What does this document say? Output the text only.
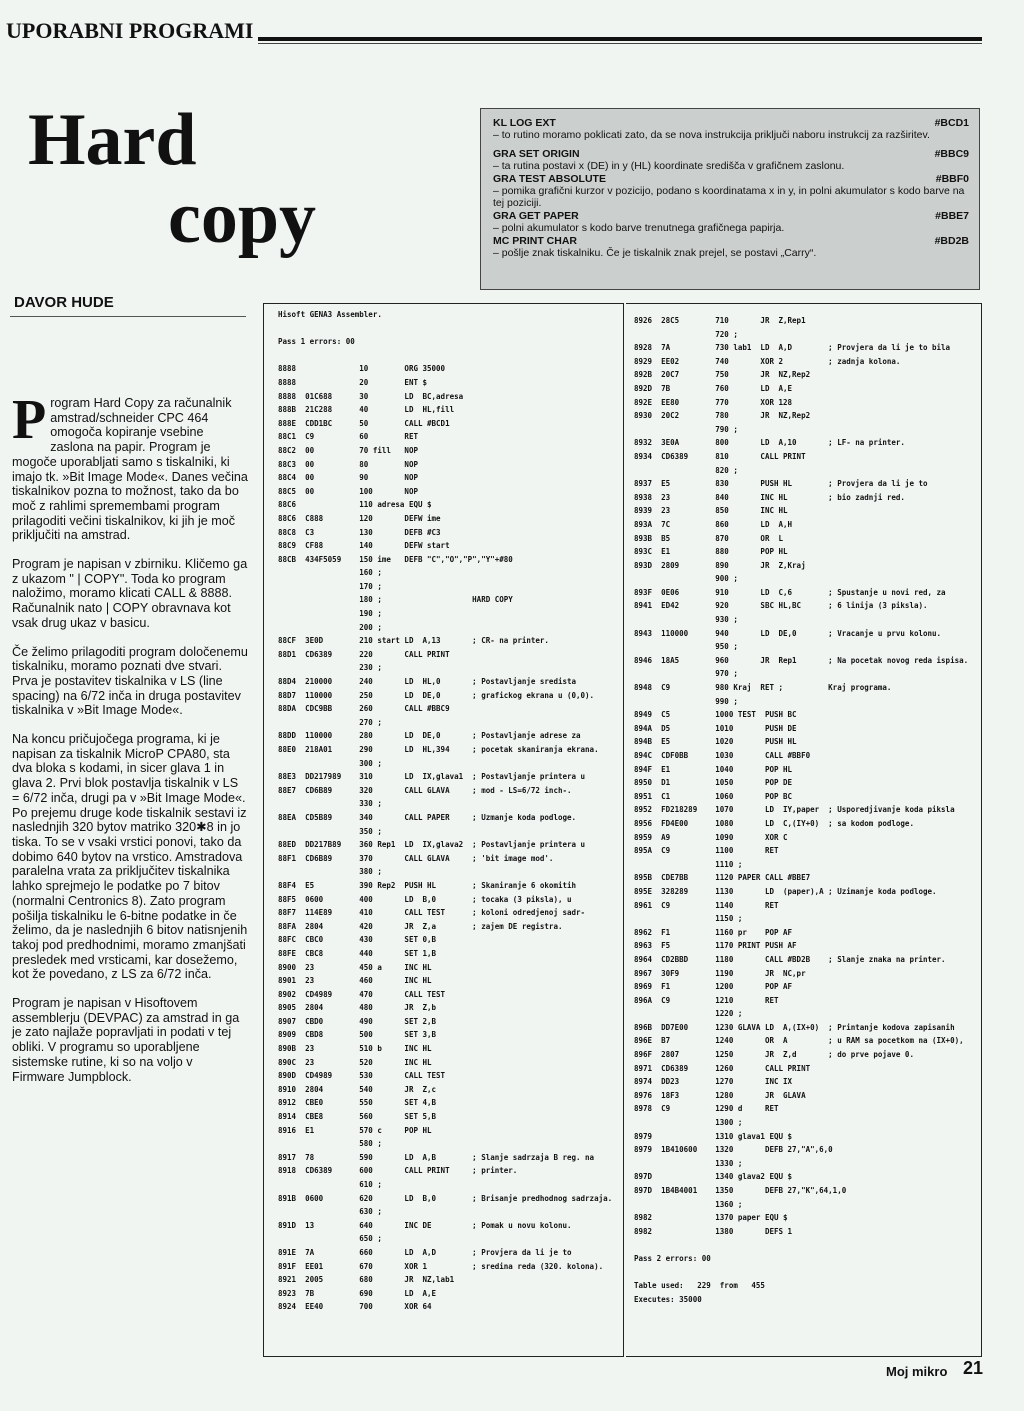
UPORABNI PROGRAMI
Hard
copy
DAVOR HUDE
KL LOG EXT	#BCD1
– to rutino moramo poklicati zato, da se nova instrukcija priključi naboru instrukcij za razširitev.
GRA SET ORIGIN	#BBC9
– ta rutina postavi x (DE) in y (HL) koordinate središča v grafičnem zaslonu.
GRA TEST ABSOLUTE	#BBF0
– pomika grafični kurzor v pozicijo, podano s koordinatama x in y, in polni akumulator s kodo barve na tej poziciji.
GRA GET PAPER	#BBE7
– polni akumulator s kodo barve trenutnega grafičnega papirja.
MC PRINT CHAR	#BD2B
– pošlje znak tiskalniku. Če je tiskalnik znak prejel, se postavi „Carry“.

Program Hard Copy za računalnik amstrad/schneider CPC 464 omogoča kopiranje vsebine zaslona na papir. Program je mogoče uporabljati samo s tiskalniki, ki imajo tk. »Bit Image Mode«. Danes večina tiskalnikov pozna to možnost, tako da bo moč z rahlimi spremembami program prilagoditi večini tiskalnikov, ki jih je moč priključiti na amstrad.

Program je napisan v zbirniku. Kličemo ga z ukazom " | COPY". Toda ko program naložimo, moramo klicati CALL & 8888. Računalnik nato | COPY obravnava kot vsak drug ukaz v basicu.

Če želimo prilagoditi program določenemu tiskalniku, moramo poznati dve stvari. Prva je postavitev tiskalnika v LS (line spacing) na 6/72 inča in druga postavitev tiskalnika v »Bit Image Mode«.

Na koncu pričujočega programa, ki je napisan za tiskalnik MicroP CPA80, sta dva bloka s kodami, in sicer glava 1 in glava 2. Prvi blok postavlja tiskalnik v LS = 6/72 inča, drugi pa v »Bit Image Mode«. Po prejemu druge kode tiskalnik sestavi iz naslednjih 320 bytov matriko 320✱8 in jo tiska. To se v vsaki vrstici ponovi, tako da dobimo 640 bytov na vrstico. Amstradova paralelna vrata za priključitev tiskalnika lahko sprejmejo le podatke po 7 bitov (normalni Centronics 8). Zato program pošilja tiskalniku le 6-bitne podatke in če želimo, da je naslednjih 6 bitov natisnjenih takoj pod predhodnimi, moramo zmanjšati presledek med vrsticami, kar dosežemo, kot že povedano, z LS za 6/72 inča.

Program je napisan v Hisoftovem assemblerju (DEVPAC) za amstrad in ga je zato najlaže popravljati in podati v tej obliki. V programu so uporabljene sistemske rutine, ki so na voljo v Firmware Jumpblock.

Hisoft GENA3 Assembler.
Pass 1 errors: 00
8888              10        ORG 35000
8888              20        ENT $
8888  01C688      30        LD  BC,adresa
888B  21C288      40        LD  HL,fill
888E  CDD1BC      50        CALL #BCD1
88C1  C9          60        RET
88C2  00          70 fill   NOP
88C3  00          80        NOP
88C4  00          90        NOP
88C5  00          100       NOP
88C6              110 adresa EQU $
88C6  C888        120       DEFW ime
88C8  C3          130       DEFB #C3
88C9  CF88        140       DEFW start
88CB  434F5059    150 ime   DEFB "C","O","P","Y"+#80
160 ;
170 ;
180 ;                    HARD COPY
190 ;
200 ;
88CF  3E0D        210 start LD  A,13       ; CR- na printer.
88D1  CD6389      220       CALL PRINT
230 ;
88D4  210000      240       LD  HL,0       ; Postavljanje sredista
88D7  110000      250       LD  DE,0       ; grafickog ekrana u (0,0).
88DA  CDC9BB      260       CALL #BBC9
270 ;
88DD  110000      280       LD  DE,0       ; Postavljanje adrese za
88E0  218A01      290       LD  HL,394     ; pocetak skaniranja ekrana.
300 ;
88E3  DD217989    310       LD  IX,glava1  ; Postavljanje printera u
88E7  CD6B89      320       CALL GLAVA     ; mod - LS=6/72 inch-.
330 ;
88EA  CD5B89      340       CALL PAPER     ; Uzmanje koda podloge.
350 ;
88ED  DD217B89    360 Rep1  LD  IX,glava2  ; Postavljanje printera u
88F1  CD6B89      370       CALL GLAVA     ; 'bit image mod'.
380 ;
88F4  E5          390 Rep2  PUSH HL        ; Skaniranje 6 okomitih
88F5  0600        400       LD  B,0        ; tocaka (3 piksla), u
88F7  114E89      410       CALL TEST      ; koloni odredjenoj sadr-
88FA  2804        420       JR  Z,a        ; zajem DE registra.
88FC  CBC0        430       SET 0,B
88FE  CBC8        440       SET 1,B
8900  23          450 a     INC HL
8901  23          460       INC HL
8902  CD4989      470       CALL TEST
8905  2804        480       JR  Z,b
8907  CBD0        490       SET 2,B
8909  CBD8        500       SET 3,B
890B  23          510 b     INC HL
890C  23          520       INC HL
890D  CD4989      530       CALL TEST
8910  2804        540       JR  Z,c
8912  CBE0        550       SET 4,B
8914  CBE8        560       SET 5,B
8916  E1          570 c     POP HL
580 ;
8917  78          590       LD  A,B        ; Slanje sadrzaja B reg. na
8918  CD6389      600       CALL PRINT     ; printer.
610 ;
891B  0600        620       LD  B,0        ; Brisanje predhodnog sadrzaja.
630 ;
891D  13          640       INC DE         ; Pomak u novu kolonu.
650 ;
891E  7A          660       LD  A,D        ; Provjera da li je to
891F  EE01        670       XOR 1          ; sredina reda (320. kolona).
8921  2005        680       JR  NZ,lab1
8923  7B          690       LD  A,E
8924  EE40        700       XOR 64
8926  28C5        710       JR  Z,Rep1
720 ;
8928  7A          730 lab1  LD  A,D        ; Provjera da li je to bila
8929  EE02        740       XOR 2          ; zadnja kolona.
892B  20C7        750       JR  NZ,Rep2
892D  7B          760       LD  A,E
892E  EE80        770       XOR 128
8930  20C2        780       JR  NZ,Rep2
790 ;
8932  3E0A        800       LD  A,10       ; LF- na printer.
8934  CD6389      810       CALL PRINT
820 ;
8937  E5          830       PUSH HL        ; Provjera da li je to
8938  23          840       INC HL         ; bio zadnji red.
8939  23          850       INC HL
893A  7C          860       LD  A,H
893B  B5          870       OR  L
893C  E1          880       POP HL
893D  2809        890       JR  Z,Kraj
900 ;
893F  0E06        910       LD  C,6        ; Spustanje u novi red, za
8941  ED42        920       SBC HL,BC      ; 6 linija (3 piksla).
930 ;
8943  110000      940       LD  DE,0       ; Vracanje u prvu kolonu.
950 ;
8946  18A5        960       JR  Rep1       ; Na pocetak novog reda ispisa.
970 ;
8948  C9          980 Kraj  RET ;          Kraj programa.
990 ;
8949  C5          1000 TEST  PUSH BC
894A  D5          1010       PUSH DE
894B  E5          1020       PUSH HL
894C  CDF0BB      1030       CALL #BBF0
894F  E1          1040       POP HL
8950  D1          1050       POP DE
8951  C1          1060       POP BC
8952  FD218289    1070       LD  IY,paper  ; Usporedjivanje koda piksla
8956  FD4E00      1080       LD  C,(IY+0)  ; sa kodom podloge.
8959  A9          1090       XOR C
895A  C9          1100       RET
1110 ;
895B  CDE7BB      1120 PAPER CALL #BBE7
895E  328289      1130       LD  (paper),A ; Uzimanje koda podloge.
8961  C9          1140       RET
1150 ;
8962  F1          1160 pr    POP AF
8963  F5          1170 PRINT PUSH AF
8964  CD2BBD      1180       CALL #BD2B    ; Slanje znaka na printer.
8967  30F9        1190       JR  NC,pr
8969  F1          1200       POP AF
896A  C9          1210       RET
1220 ;
896B  DD7E00      1230 GLAVA LD  A,(IX+0)  ; Printanje kodova zapisanih
896E  B7          1240       OR  A         ; u RAM sa pocetkom na (IX+0),
896F  2807        1250       JR  Z,d       ; do prve pojave 0.
8971  CD6389      1260       CALL PRINT
8974  DD23        1270       INC IX
8976  18F3        1280       JR  GLAVA
8978  C9          1290 d     RET
1300 ;
8979              1310 glava1 EQU $
8979  1B410600    1320       DEFB 27,"A",6,0
1330 ;
897D              1340 glava2 EQU $
897D  1B4B4001    1350       DEFB 27,"K",64,1,0
1360 ;
8982              1370 paper EQU $
8982              1380       DEFS 1
Pass 2 errors: 00
Table used:   229  from   455
Executes: 35000
Moj mikro 21
